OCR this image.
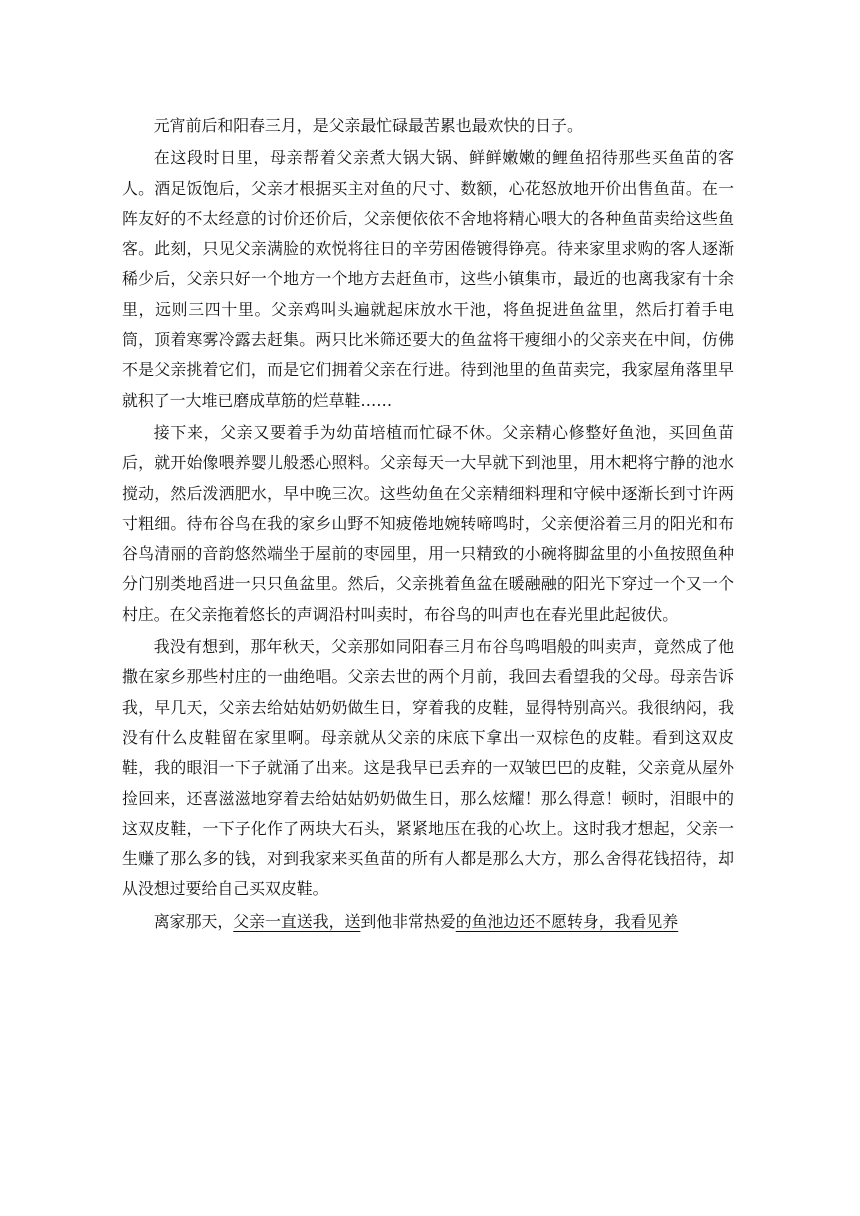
元宵前后和阳春三月，是父亲最忙碌最苦累也最欢快的日子。

在这段时日里，母亲帮着父亲煮大锅大锅、鲜鲜嫩嫩的鲤鱼招待那些买鱼苗的客人。酒足饭饱后，父亲才根据买主对鱼的尺寸、数额，心花怒放地开价出售鱼苗。在一阵友好的不太经意的讨价还价后，父亲便依依不舍地将精心喂大的各种鱼苗卖给这些鱼客。此刻，只见父亲满脸的欢悦将往日的辛劳困倦镀得铮亮。待来家里求购的客人逐渐稀少后，父亲只好一个地方一个地方去赶鱼市，这些小镇集市，最近的也离我家有十余里，远则三四十里。父亲鸡叫头遍就起床放水干池，将鱼捉进鱼盆里，然后打着手电筒，顶着寒雾冷露去赶集。两只比米筛还要大的鱼盆将干瘦细小的父亲夹在中间，仿佛不是父亲挑着它们，而是它们拥着父亲在行进。待到池里的鱼苗卖完，我家屋角落里早就积了一大堆已磨成草筋的烂草鞋……

接下来，父亲又要着手为幼苗培植而忙碌不休。父亲精心修整好鱼池，买回鱼苗后，就开始像喂养婴儿般悉心照料。父亲每天一大早就下到池里，用木耙将宁静的池水搅动，然后泼洒肥水，早中晚三次。这些幼鱼在父亲精细料理和守候中逐渐长到寸许两寸粗细。待布谷鸟在我的家乡山野不知疲倦地婉转啼鸣时，父亲便浴着三月的阳光和布谷鸟清丽的音韵悠然端坐于屋前的枣园里，用一只精致的小碗将脚盆里的小鱼按照鱼种分门别类地舀进一只只鱼盆里。然后，父亲挑着鱼盆在暖融融的阳光下穿过一个又一个村庄。在父亲拖着悠长的声调沿村叫卖时，布谷鸟的叫声也在春光里此起彼伏。

我没有想到，那年秋天，父亲那如同阳春三月布谷鸟鸣唱般的叫卖声，竟然成了他撒在家乡那些村庄的一曲绝唱。父亲去世的两个月前，我回去看望我的父母。母亲告诉我，早几天，父亲去给姑姑奶奶做生日，穿着我的皮鞋，显得特别高兴。我很纳闷，我没有什么皮鞋留在家里啊。母亲就从父亲的床底下拿出一双棕色的皮鞋。看到这双皮鞋，我的眼泪一下子就涌了出来。这是我早已丢弃的一双皱巴巴的皮鞋，父亲竟从屋外捡回来，还喜滋滋地穿着去给姑姑奶奶做生日，那么炫耀！那么得意！顿时，泪眼中的这双皮鞋，一下子化作了两块大石头，紧紧地压在我的心坎上。这时我才想起，父亲一生赚了那么多的钱，对到我家来买鱼苗的所有人都是那么大方，那么舍得花钱招待，却从没想过要给自己买双皮鞋。

离家那天，父亲一直送我，送到他非常热爱的鱼池边还不愿转身，我看见养
